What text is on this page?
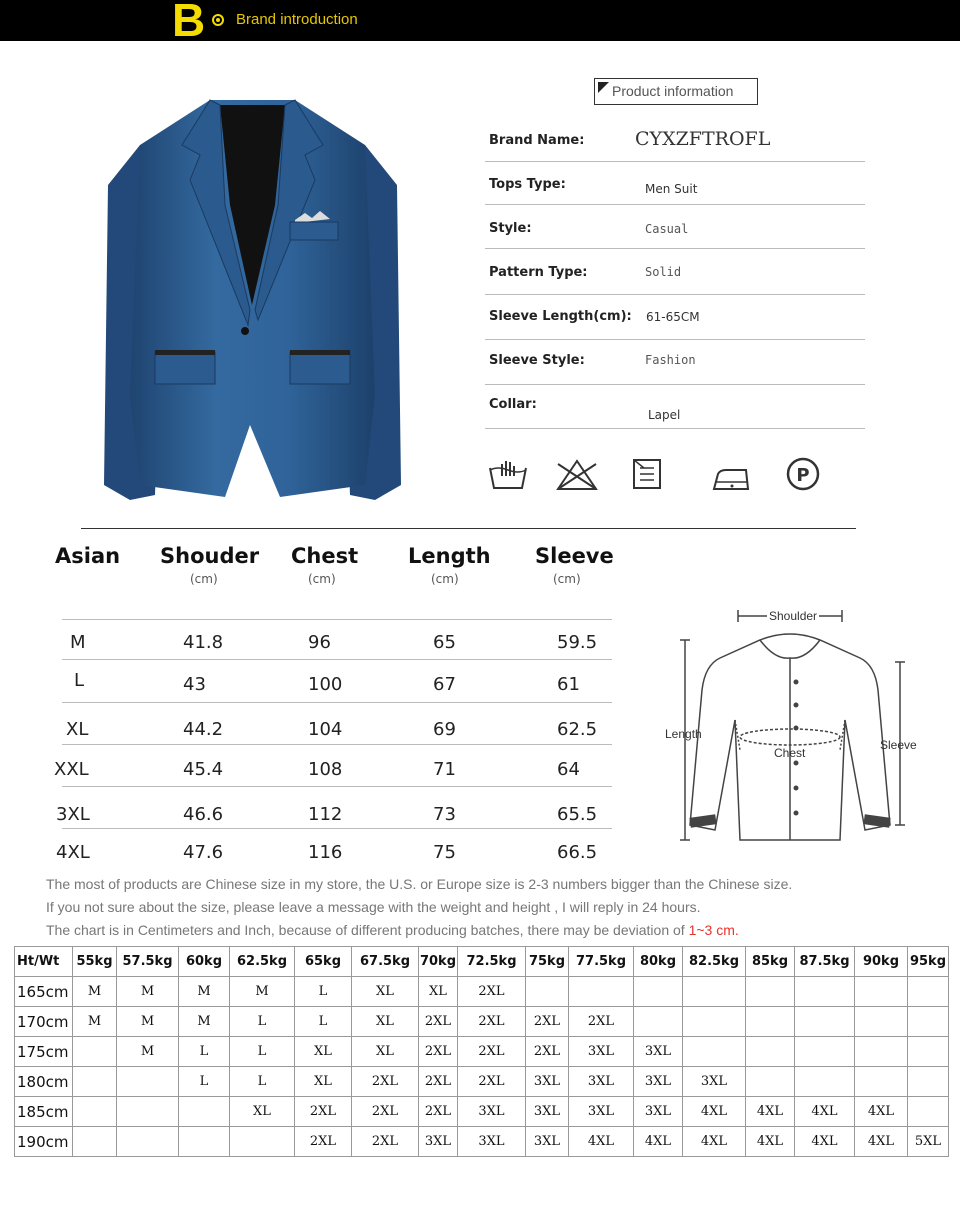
B Brand introduction
Product information
Brand Name:	CYXZFTROFL
Tops Type:	Men Suit
Style:	Casual
Pattern Type:	Solid
Sleeve Length(cm): 61-65CM
Sleeve Style:	Fashion
Collar:
Lapel
P
Asian Shouder
(cm)
Chest
(cm)
Length
(cm)
Sleeve
(cm)
M	41.8	96	65	59.5
L	43	100	67	61
XL	44.2	104	69	62.5
XXL	45.4	108	71	64
3XL	46.6	112	73	65.5
4XL	47.6	116	75	66.5
Shoulder
Length
Chest
Sleeve
The most of products are Chinese size in my store, the U.S. or Europe size is 2-3 numbers bigger than the Chinese size.
If you not sure about the size, please leave a message with the weight and height , I will reply in 24 hours.
The chart is in Centimeters and Inch, because of different producing batches, there may be deviation of 1~3 cm.
Ht/Wt	55kg	57.5kg	60kg	62.5kg	65kg	67.5kg	70kg	72.5kg	75kg	77.5kg	80kg	82.5kg	85kg	87.5kg	90kg	95kg
165cm	M	M	M	M	L	XL	XL	2XL								
170cm	M	M	M	L	L	XL	2XL	2XL	2XL	2XL						
175cm		M	L	L	XL	XL	2XL	2XL	2XL	3XL	3XL					
180cm			L	L	XL	2XL	2XL	2XL	3XL	3XL	3XL	3XL				
185cm				XL	2XL	2XL	2XL	3XL	3XL	3XL	3XL	4XL	4XL	4XL	4XL	
190cm					2XL	2XL	3XL	3XL	3XL	4XL	4XL	4XL	4XL	4XL	4XL	5XL
